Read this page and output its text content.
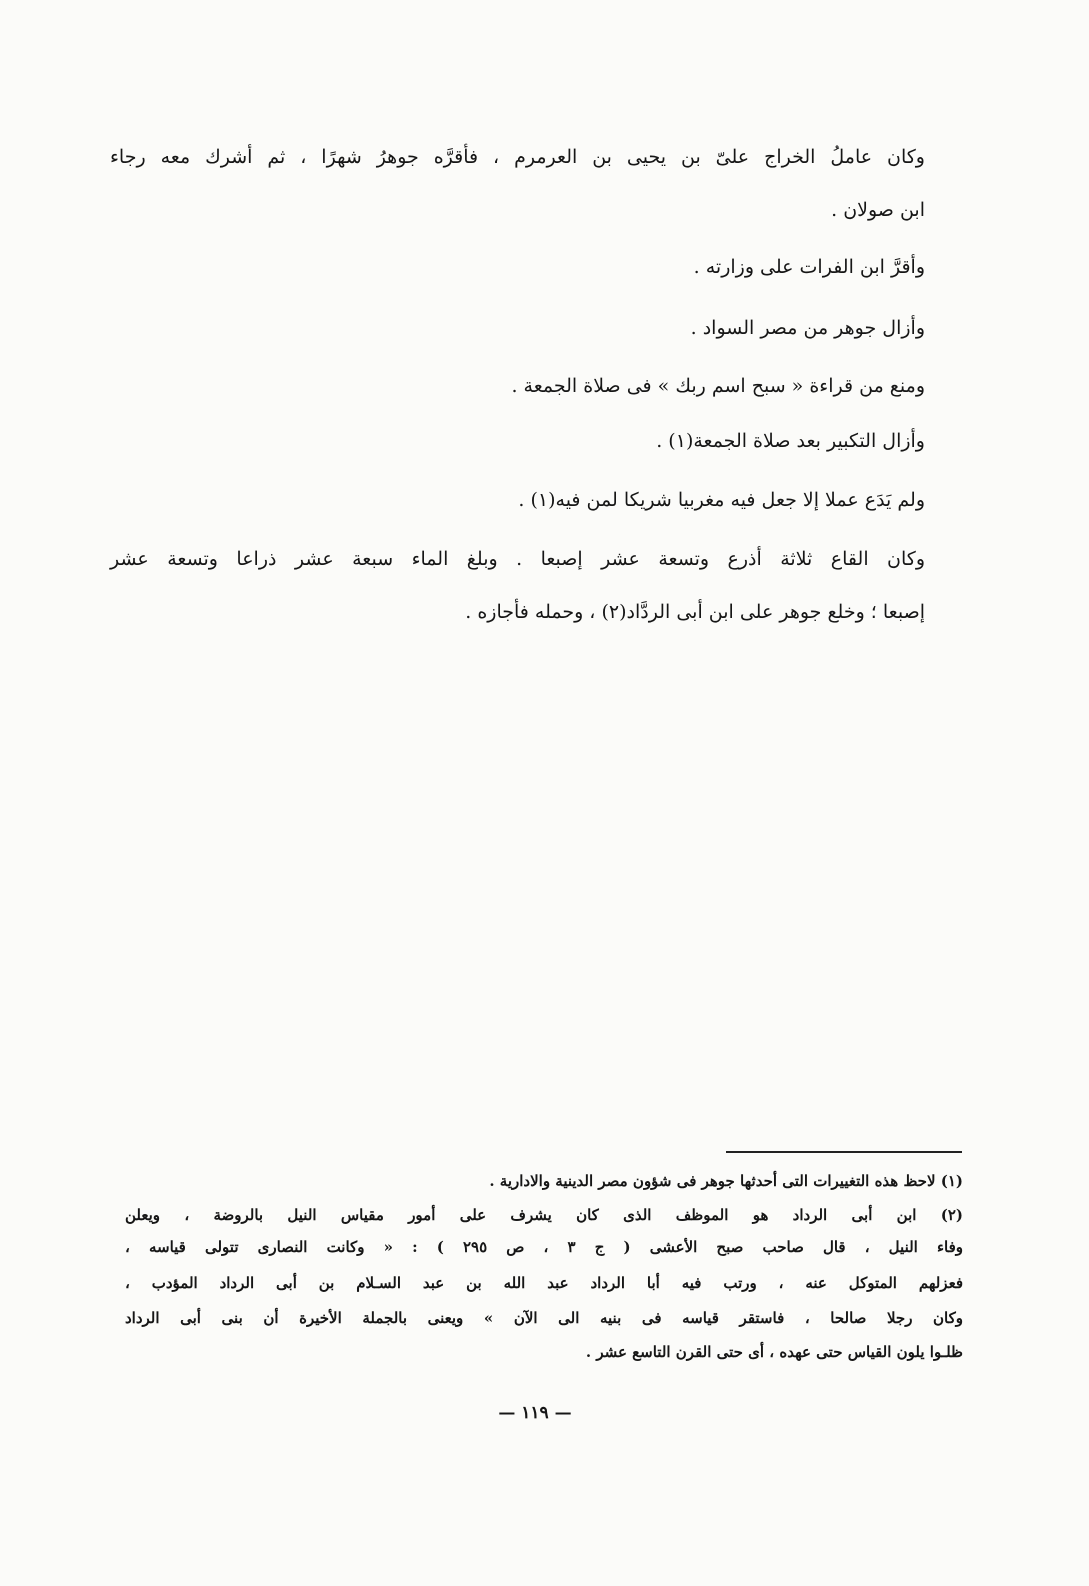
وكان عاملُ الخراج علىّ بن يحيى بن العرمرم ، فأقرَّه جوهرُ شهرًا ، ثم أشرك معه رجاء
ابن صولان .
وأقرَّ ابن الفرات على وزارته .
وأزال جوهر من مصر السواد .
ومنع من قراءة « سبح اسم ربك » فى صلاة الجمعة .
وأزال التكبير بعد صلاة الجمعة(١) .
ولم يَدَع عملا إلا جعل فيه مغربيا شريكا لمن فيه(١) .
وكان القاع ثلاثة أذرع وتسعة عشر إصبعا . وبلغ الماء سبعة عشر ذراعا وتسعة عشر
إصبعا ؛ وخلع جوهر على ابن أبى الردَّاد(٢) ، وحمله فأجازه .
(١) لاحظ هذه التغييرات التى أحدثها جوهر فى شؤون مصر الدينية والادارية .
(٢) ابن أبى الرداد هو الموظف الذى كان يشرف على أمور مقياس النيل بالروضة ، ويعلن
وفاء النيل ، قال صاحب صبح الأعشى ( ج ٣ ، ص ٢٩٥ ) : « وكانت النصارى تتولى قياسه ،
فعزلهم المتوكل عنه ، ورتب فيه أبا الرداد عبد الله بن عبد السـلام بن أبى الرداد المؤدب ،
وكان رجلا صالحا ، فاستقر قياسه فى بنيه الى الآن » ويعنى بالجملة الأخيرة أن بنى أبى الرداد
ظلـوا يلون القياس حتى عهده ، أى حتى القرن التاسع عشر .
— ١١٩ —
